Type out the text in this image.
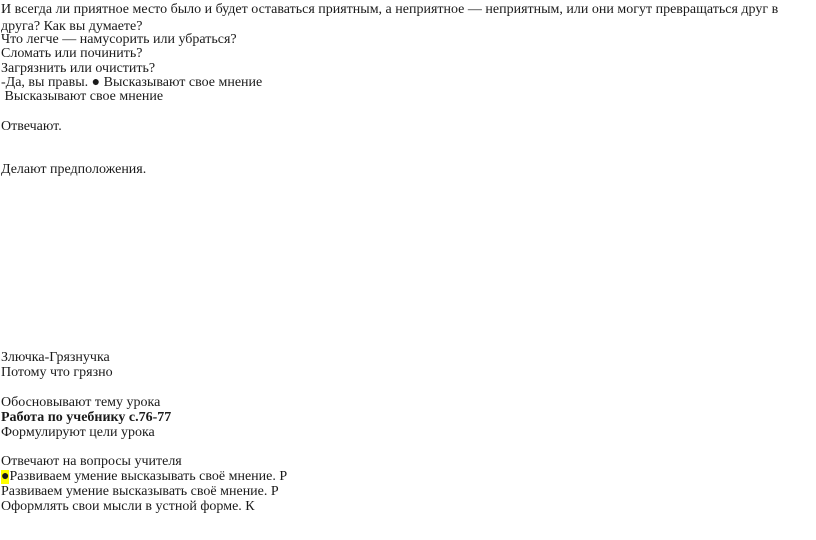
И всегда ли приятное место было и будет оставаться приятным, а неприятное — неприятным, или они могут превращаться друг в друга? Как вы думаете?
Что легче — намусорить или убраться?
Сломать или починить?
Загрязнить или очистить?
-Да, вы правы. ● Высказывают свое мнение
Высказывают свое мнение
Отвечают.
Делают предположения.
Злючка-Грязнучка
Потому что грязно
Обосновывают тему урока
Работа по учебнику с.76-77
Формулируют цели урока
Отвечают на вопросы учителя
●Развиваем умение высказывать своё мнение. Р
Развиваем умение высказывать своё мнение. Р
Оформлять свои мысли в устной форме. К
